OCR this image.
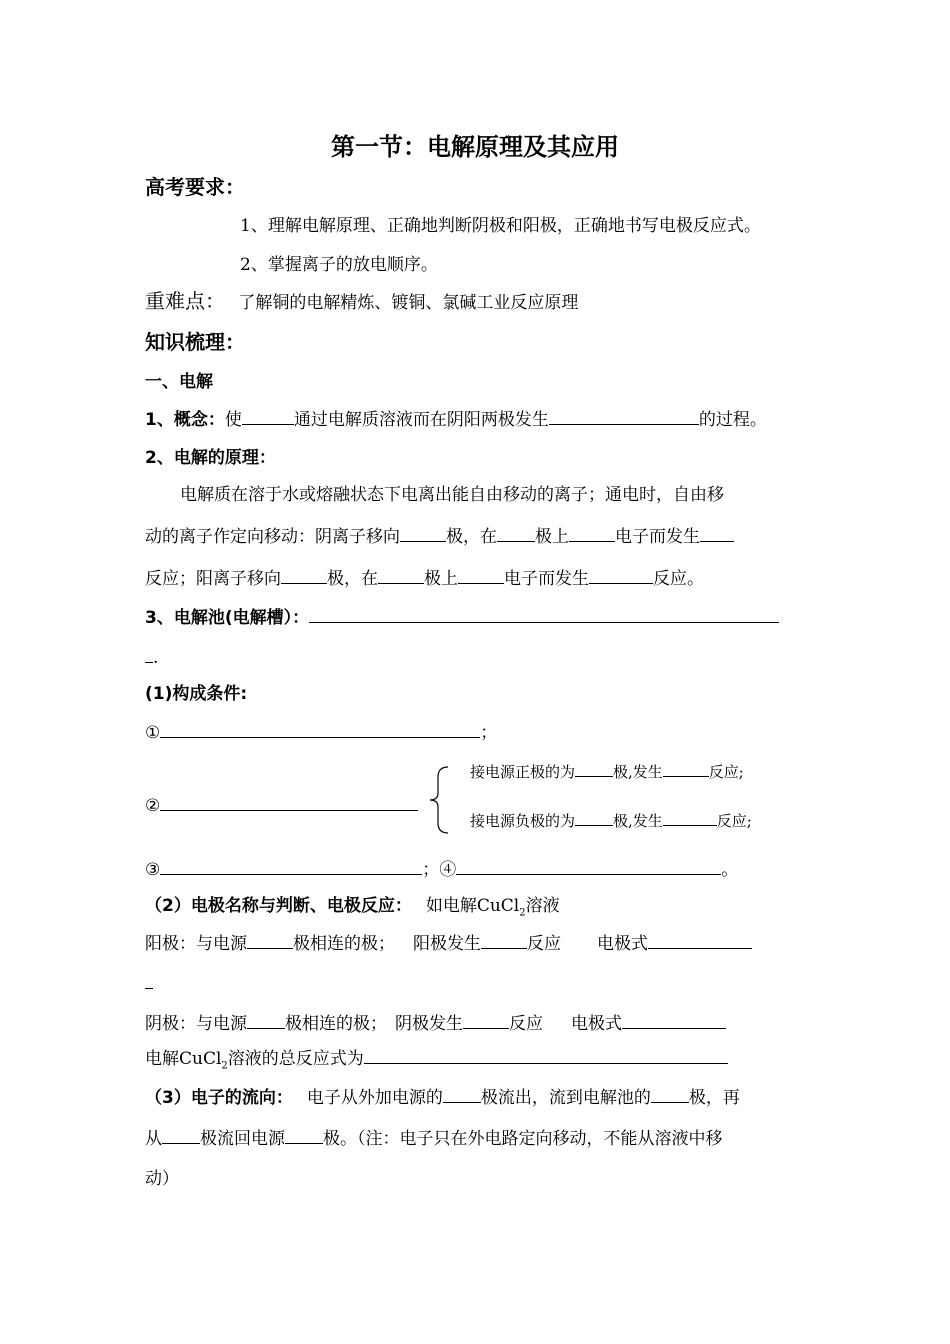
第一节：电解原理及其应用
高考要求：
1、理解电解原理、正确地判断阴极和阳极，正确地书写电极反应式。
2、掌握离子的放电顺序。
重难点： 了解铜的电解精炼、镀铜、氯碱工业反应原理
知识梳理：
一、电解
1、概念：使	通过电解质溶液而在阴阳两极发生	的过程。
2、电解的原理：
电解质在溶于水或熔融状态下电离出能自由移动的离子；通电时，自由移
动的离子作定向移动：阴离子移向	极，在 极上	电子而发生
反应；阳离子移向	极，在	极上	电子而发生	反应。
3、电解池(电解槽）：
.
(1)构成条件:
①	；
②
接电源正极的为	极,发生	反应;
接电源负极的为	极,发生	反应;
③	；④	。
（2）电极名称与判断、电极反应： 如电解CuCl$_2$溶液
阳极：与电源	极相连的极； 阳极发生	反应 电极式
阴极：与电源 极相连的极； 阴极发生	反应 电极式
电解CuCl$_2$溶液的总反应式为
（3）电子的流向： 电子从外加电源的 极流出，流到电解池的 极，再
从 极流回电源 极。（注：电子只在外电路定向移动，不能从溶液中移
动）
